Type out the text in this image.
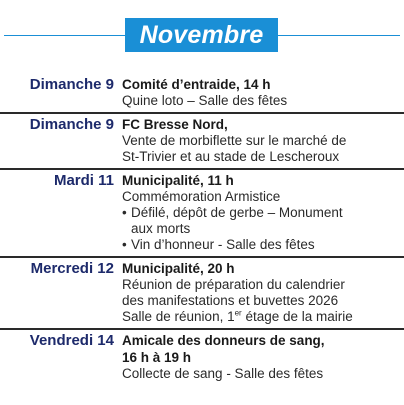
Novembre
Dimanche 9 Comité d’entraide, 14 h
Quine loto – Salle des fêtes
Dimanche 9 FC Bresse Nord,
Vente de morbiflette sur le marché de
St-Trivier et au stade de Lescheroux
Mardi 11 Municipalité, 11 h
Commémoration Armistice
• Défilé, dépôt de gerbe – Monument
aux morts
• Vin d’honneur - Salle des fêtes
Mercredi 12 Municipalité, 20 h
Réunion de préparation du calendrier
des manifestations et buvettes 2026
Salle de réunion, 1er étage de la mairie
Vendredi 14 Amicale des donneurs de sang,
16 h à 19 h
Collecte de sang - Salle des fêtes
